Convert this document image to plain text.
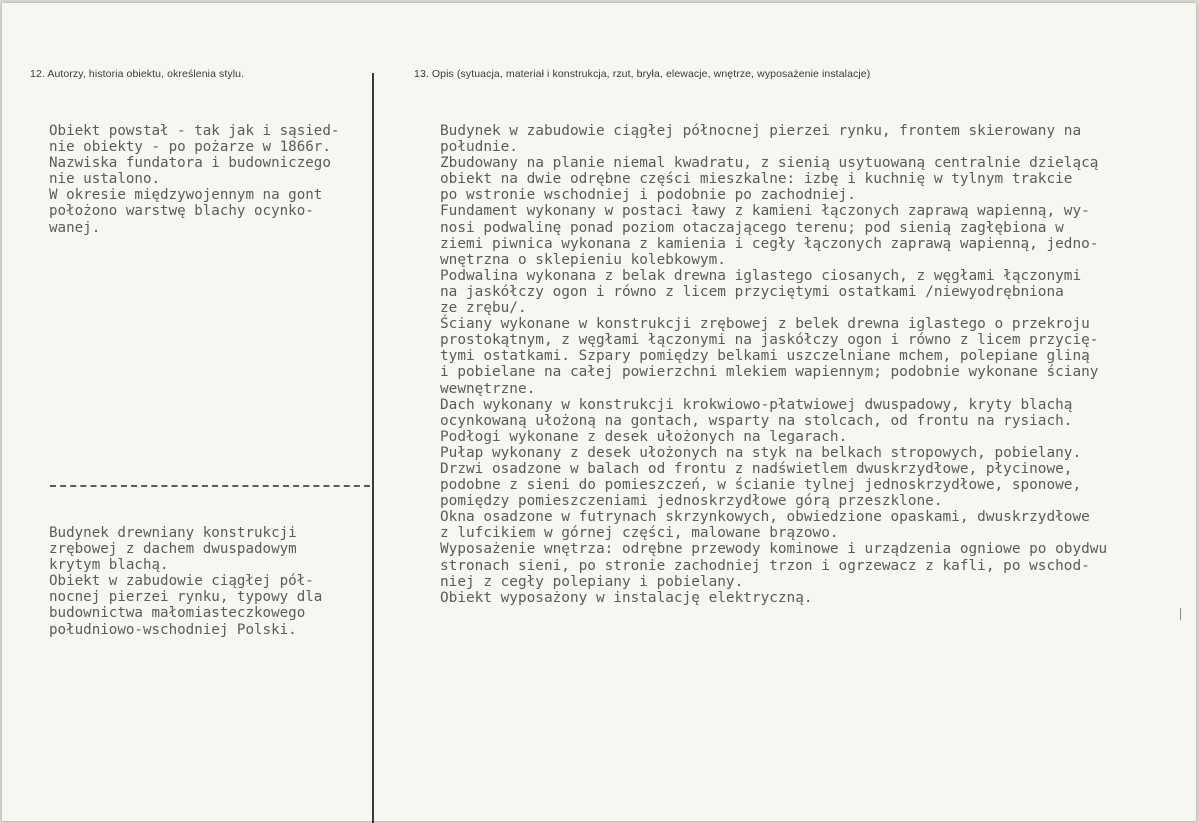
12. Autorzy, historia obiektu, określenia stylu.	13. Opis (sytuacja, materiał i konstrukcja, rzut, bryła, elewacje, wnętrze, wyposażenie instalacje)
Obiekt powstał - tak jak i sąsied-
nie obiekty - po pożarze w 1866r.
Nazwiska fundatora i budowniczego
nie ustalono.
W okresie międzywojennym na gont
położono warstwę blachy ocynko-
wanej.
Budynek drewniany konstrukcji
zrębowej z dachem dwuspadowym
krytym blachą.
Obiekt w zabudowie ciągłej pół-
nocnej pierzei rynku, typowy dla
budownictwa małomiasteczkowego
południowo-wschodniej Polski.
Budynek w zabudowie ciągłej północnej pierzei rynku, frontem skierowany na
południe.
Zbudowany na planie niemal kwadratu, z sienią usytuowaną centralnie dzielącą
obiekt na dwie odrębne części mieszkalne: izbę i kuchnię w tylnym trakcie
po wstronie wschodniej i podobnie po zachodniej.
Fundament wykonany w postaci ławy z kamieni łączonych zaprawą wapienną, wy-
nosi podwalinę ponad poziom otaczającego terenu; pod sienią zagłębiona w
ziemi piwnica wykonana z kamienia i cegły łączonych zaprawą wapienną, jedno-
wnętrzna o sklepieniu kolebkowym.
Podwalina wykonana z belak drewna iglastego ciosanych, z węgłami łączonymi
na jaskółczy ogon i równo z licem przyciętymi ostatkami /niewyodrębniona
ze zrębu/.
Ściany wykonane w konstrukcji zrębowej z belek drewna iglastego o przekroju
prostokątnym, z węgłami łączonymi na jaskółczy ogon i równo z licem przycię-
tymi ostatkami. Szpary pomiędzy belkami uszczelniane mchem, polepiane gliną
i pobielane na całej powierzchni mlekiem wapiennym; podobnie wykonane ściany
wewnętrzne.
Dach wykonany w konstrukcji krokwiowo-płatwiowej dwuspadowy, kryty blachą
ocynkowaną ułożoną na gontach, wsparty na stolcach, od frontu na rysiach.
Podłogi wykonane z desek ułożonych na legarach.
Pułap wykonany z desek ułożonych na styk na belkach stropowych, pobielany.
Drzwi osadzone w balach od frontu z nadświetlem dwuskrzydłowe, płycinowe,
podobne z sieni do pomieszczeń, w ścianie tylnej jednoskrzydłowe, sponowe,
pomiędzy pomieszczeniami jednoskrzydłowe górą przeszklone.
Okna osadzone w futrynach skrzynkowych, obwiedzione opaskami, dwuskrzydłowe
z lufcikiem w górnej części, malowane brązowo.
Wyposażenie wnętrza: odrębne przewody kominowe i urządzenia ogniowe po obydwu
stronach sieni, po stronie zachodniej trzon i ogrzewacz z kafli, po wschod-
niej z cegły polepiany i pobielany.
Obiekt wyposażony w instalację elektryczną.
